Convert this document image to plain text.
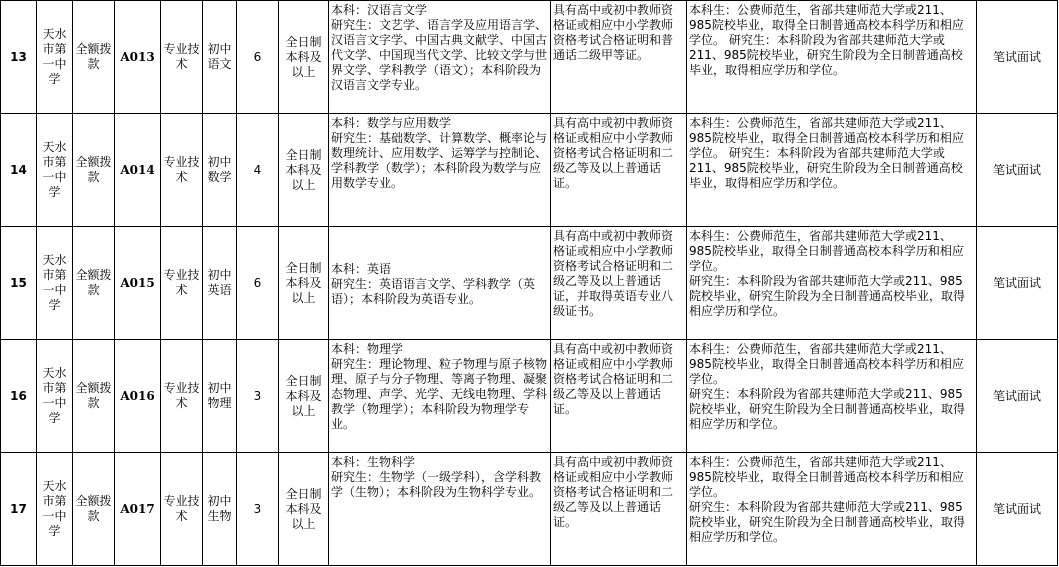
13	天水市第一中学	全额拨款	A013	专业技术	初中语文	6	全日制本科及以上	本科：汉语言文学
研究生：文艺学、语言学及应用语言学、汉语言文字学、中国古典文献学、中国古代文学、中国现当代文学、比较文学与世界文学、学科教学（语文）；本科阶段为汉语言文学专业。	具有高中或初中教师资格证或相应中小学教师资格考试合格证明和普通话二级甲等证。	本科生：公费师范生，省部共建师范大学或211、985院校毕业，取得全日制普通高校本科学历和相应学位。 研究生：本科阶段为省部共建师范大学或211、985院校毕业，研究生阶段为全日制普通高校毕业，取得相应学历和学位。	笔试面试
14	天水市第一中学	全额拨款	A014	专业技术	初中数学	4	全日制本科及以上	本科：数学与应用数学
研究生：基础数学、计算数学、概率论与数理统计、应用数学、运筹学与控制论、学科教学（数学）；本科阶段为数学与应用数学专业。	具有高中或初中教师资格证或相应中小学教师资格考试合格证明和二级乙等及以上普通话证。	本科生：公费师范生，省部共建师范大学或211、985院校毕业，取得全日制普通高校本科学历和相应学位。 研究生：本科阶段为省部共建师范大学或211、985院校毕业，研究生阶段为全日制普通高校毕业，取得相应学历和学位。	笔试面试
15	天水市第一中学	全额拨款	A015	专业技术	初中英语	6	全日制本科及以上	本科：英语
研究生：英语语言文学、学科教学（英语）；本科阶段为英语专业。	具有高中或初中教师资格证或相应中小学教师资格考试合格证明和二级乙等及以上普通话证，并取得英语专业八级证书。	本科生：公费师范生，省部共建师范大学或211、985院校毕业，取得全日制普通高校本科学历和相应学位。
研究生：本科阶段为省部共建师范大学或211、985院校毕业，研究生阶段为全日制普通高校毕业，取得相应学历和学位。	笔试面试
16	天水市第一中学	全额拨款	A016	专业技术	初中物理	3	全日制本科及以上	本科：物理学
研究生：理论物理、粒子物理与原子核物理、原子与分子物理、等离子物理、凝聚态物理、声学、光学、无线电物理、学科教学（物理学）；本科阶段为物理学专业。	具有高中或初中教师资格证或相应中小学教师资格考试合格证明和二级乙等及以上普通话证。	本科生：公费师范生，省部共建师范大学或211、985院校毕业，取得全日制普通高校本科学历和相应学位。
研究生：本科阶段为省部共建师范大学或211、985院校毕业，研究生阶段为全日制普通高校毕业，取得相应学历和学位。	笔试面试
17	天水市第一中学	全额拨款	A017	专业技术	初中生物	3	全日制本科及以上	本科：生物科学
研究生：生物学（一级学科），含学科教学（生物）；本科阶段为生物科学专业。	具有高中或初中教师资格证或相应中小学教师资格考试合格证明和二级乙等及以上普通话证。	本科生：公费师范生，省部共建师范大学或211、985院校毕业，取得全日制普通高校本科学历和相应学位。
研究生：本科阶段为省部共建师范大学或211、985院校毕业，研究生阶段为全日制普通高校毕业，取得相应学历和学位。	笔试面试
